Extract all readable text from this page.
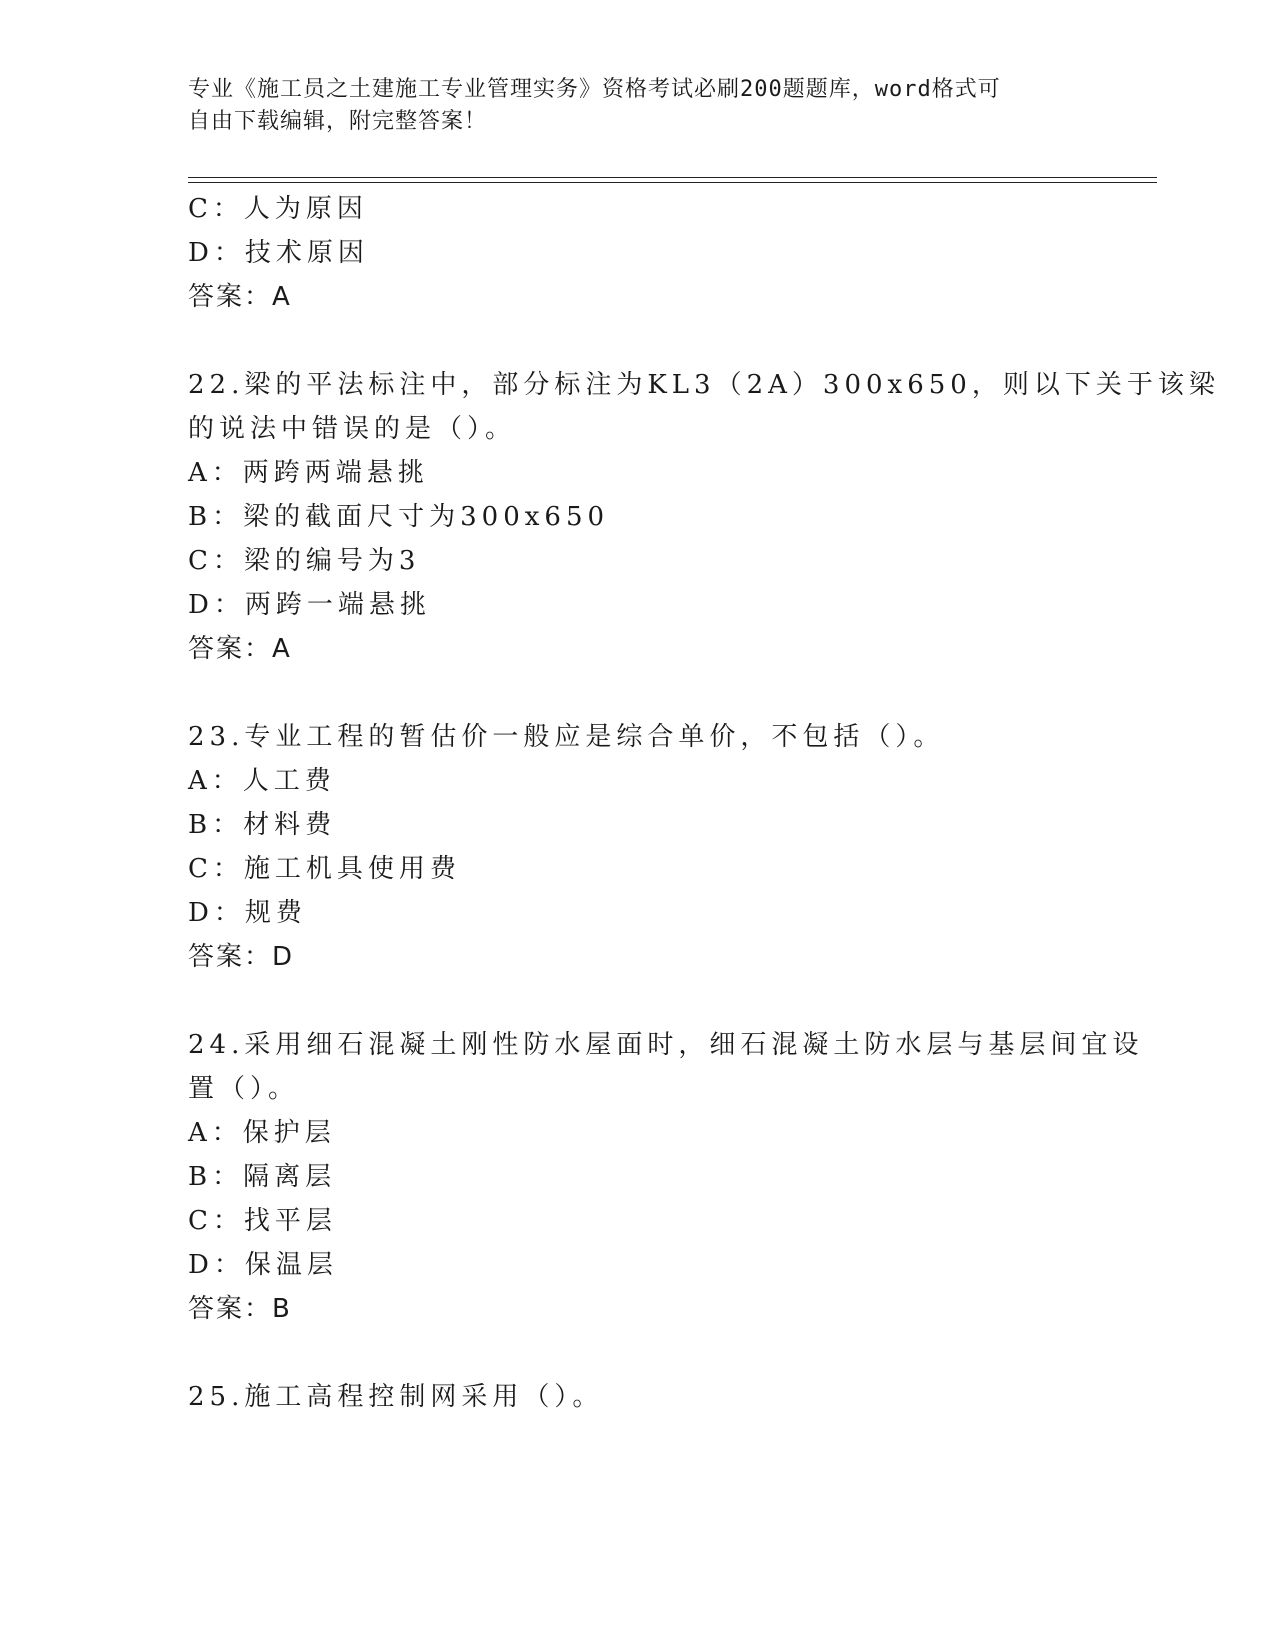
专业《施工员之土建施工专业管理实务》资格考试必刷200题题库，word格式可
自由下载编辑，附完整答案！
C：人为原因
D：技术原因
答案：A
22.梁的平法标注中，部分标注为KL3（2A）300x650，则以下关于该梁
的说法中错误的是（）。
A：两跨两端悬挑
B：梁的截面尺寸为300x650
C：梁的编号为3
D：两跨一端悬挑
答案：A
23.专业工程的暂估价一般应是综合单价，不包括（）。
A：人工费
B：材料费
C：施工机具使用费
D：规费
答案：D
24.采用细石混凝土刚性防水屋面时，细石混凝土防水层与基层间宜设
置（）。
A：保护层
B：隔离层
C：找平层
D：保温层
答案：B
25.施工高程控制网采用（）。
